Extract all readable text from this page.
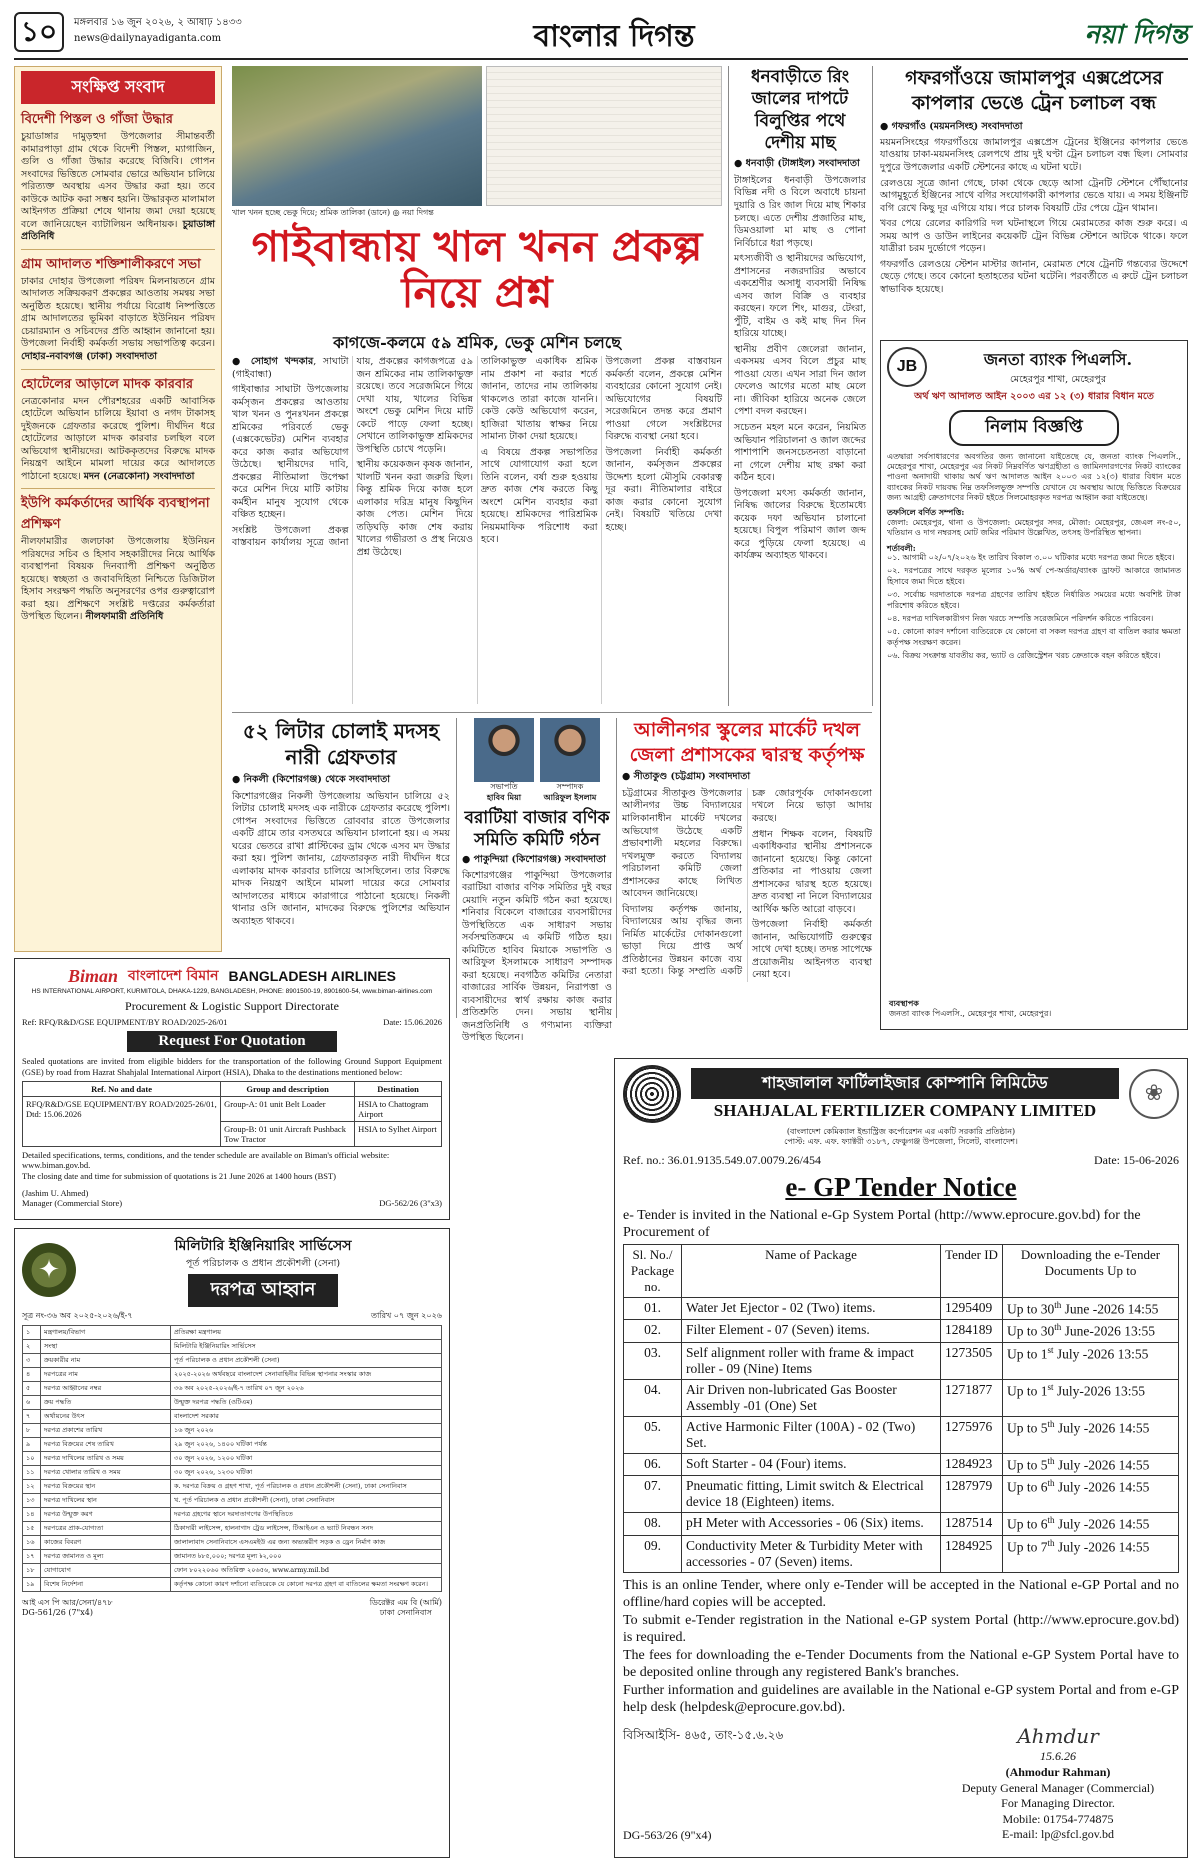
১০	মঙ্গলবার ১৬ জুন ২০২৬, ২ আষাঢ় ১৪৩৩
news@dailynayadiganta.com	বাংলার দিগন্ত	নয়া দিগন্ত
সংক্ষিপ্ত সংবাদ
বিদেশী পিস্তল ও গাঁজা উদ্ধার
চুয়াডাঙ্গার দামুড়হুদা উপজেলার সীমান্তবর্তী কামারপাড়া গ্রাম থেকে বিদেশী পিস্তল, ম্যাগাজিন, গুলি ও গাঁজা উদ্ধার করেছে বিজিবি। গোপন সংবাদের ভিত্তিতে সোমবার ভোরে অভিযান চালিয়ে পরিত্যক্ত অবস্থায় এসব উদ্ধার করা হয়। তবে কাউকে আটক করা সম্ভব হয়নি। উদ্ধারকৃত মালামাল আইনগত প্রক্রিয়া শেষে থানায় জমা দেয়া হয়েছে বলে জানিয়েছেন ব্যাটালিয়ন অধিনায়ক। চুয়াডাঙ্গা প্রতিনিধি
গ্রাম আদালত শক্তিশালীকরণে সভা
ঢাকার দোহার উপজেলা পরিষদ মিলনায়তনে গ্রাম আদালত সক্রিয়করণ প্রকল্পের আওতায় সমন্বয় সভা অনুষ্ঠিত হয়েছে। স্থানীয় পর্যায়ে বিরোধ নিষ্পত্তিতে গ্রাম আদালতের ভূমিকা বাড়াতে ইউনিয়ন পরিষদ চেয়ারম্যান ও সচিবদের প্রতি আহ্বান জানানো হয়। উপজেলা নির্বাহী কর্মকর্তা সভায় সভাপতিত্ব করেন। দোহার-নবাবগঞ্জ (ঢাকা) সংবাদদাতা
হোটেলের আড়ালে মাদক কারবার
নেত্রকোনার মদন পৌরশহরের একটি আবাসিক হোটেলে অভিযান চালিয়ে ইয়াবা ও নগদ টাকাসহ দুইজনকে গ্রেফতার করেছে পুলিশ। দীর্ঘদিন ধরে হোটেলের আড়ালে মাদক কারবার চলছিল বলে অভিযোগ স্থানীয়দের। আটককৃতদের বিরুদ্ধে মাদক নিয়ন্ত্রণ আইনে মামলা দায়ের করে আদালতে পাঠানো হয়েছে। মদন (নেত্রকোনা) সংবাদদাতা
ইউপি কর্মকর্তাদের আর্থিক ব্যবস্থাপনা প্রশিক্ষণ
নীলফামারীর জলঢাকা উপজেলায় ইউনিয়ন পরিষদের সচিব ও হিসাব সহকারীদের নিয়ে আর্থিক ব্যবস্থাপনা বিষয়ক দিনব্যাপী প্রশিক্ষণ অনুষ্ঠিত হয়েছে। স্বচ্ছতা ও জবাবদিহিতা নিশ্চিতে ডিজিটাল হিসাব সংরক্ষণ পদ্ধতি অনুসরণের ওপর গুরুত্বারোপ করা হয়। প্রশিক্ষণে সংশ্লিষ্ট দপ্তরের কর্মকর্তারা উপস্থিত ছিলেন। নীলফামারী প্রতিনিধি
খাল খনন হচ্ছে ভেকু দিয়ে; শ্রমিক তালিকা (ডানে) ◎ নয়া দিগন্ত
গাইবান্ধায় খাল খনন প্রকল্প নিয়ে প্রশ্ন
কাগজে-কলমে ৫৯ শ্রমিক, ভেকু মেশিন চলছে

● সোহাগ খন্দকার, সাঘাটা (গাইবান্ধা)

গাইবান্ধার সাঘাটা উপজেলায় কর্মসৃজন প্রকল্পের আওতায় খাল খনন ও পুনঃখনন প্রকল্পে শ্রমিকের পরিবর্তে ভেকু (এক্সকেভেটর) মেশিন ব্যবহার করে কাজ করার অভিযোগ উঠেছে। স্থানীয়দের দাবি, প্রকল্পের নীতিমালা উপেক্ষা করে মেশিন দিয়ে মাটি কাটায় কর্মহীন মানুষ সুযোগ থেকে বঞ্চিত হচ্ছেন।

সংশ্লিষ্ট উপজেলা প্রকল্প বাস্তবায়ন কার্যালয় সূত্রে জানা যায়, প্রকল্পের কাগজপত্রে ৫৯ জন শ্রমিকের নাম তালিকাভুক্ত রয়েছে। তবে সরেজমিনে গিয়ে দেখা যায়, খালের বিভিন্ন অংশে ভেকু মেশিন দিয়ে মাটি কেটে পাড়ে ফেলা হচ্ছে। সেখানে তালিকাভুক্ত শ্রমিকদের উপস্থিতি চোখে পড়েনি।

স্থানীয় কয়েকজন কৃষক জানান, খালটি খনন করা জরুরি ছিল। কিন্তু শ্রমিক দিয়ে কাজ হলে এলাকার দরিদ্র মানুষ কিছুদিন কাজ পেত। মেশিন দিয়ে তড়িঘড়ি কাজ শেষ করায় খালের গভীরতা ও প্রস্থ নিয়েও প্রশ্ন উঠেছে।

তালিকাভুক্ত একাধিক শ্রমিক নাম প্রকাশ না করার শর্তে জানান, তাদের নাম তালিকায় থাকলেও তারা কাজে যাননি। কেউ কেউ অভিযোগ করেন, হাজিরা খাতায় স্বাক্ষর নিয়ে সামান্য টাকা দেয়া হয়েছে।

এ বিষয়ে প্রকল্প সভাপতির সাথে যোগাযোগ করা হলে তিনি বলেন, বর্ষা শুরু হওয়ায় দ্রুত কাজ শেষ করতে কিছু অংশে মেশিন ব্যবহার করা হয়েছে। শ্রমিকদের পারিশ্রমিক নিয়মমাফিক পরিশোধ করা হবে।

উপজেলা প্রকল্প বাস্তবায়ন কর্মকর্তা বলেন, প্রকল্পে মেশিন ব্যবহারের কোনো সুযোগ নেই। অভিযোগের বিষয়টি সরেজমিনে তদন্ত করে প্রমাণ পাওয়া গেলে সংশ্লিষ্টদের বিরুদ্ধে ব্যবস্থা নেয়া হবে।

উপজেলা নির্বাহী কর্মকর্তা জানান, কর্মসৃজন প্রকল্পের উদ্দেশ্য হলো মৌসুমি বেকারত্ব দূর করা। নীতিমালার বাইরে কাজ করার কোনো সুযোগ নেই। বিষয়টি খতিয়ে দেখা হচ্ছে।

ধনবাড়ীতে রিং জালের দাপটে বিলুপ্তির পথে দেশীয় মাছ
● ধনবাড়ী (টাঙ্গাইল) সংবাদদাতা

টাঙ্গাইলের ধনবাড়ী উপজেলার বিভিন্ন নদী ও বিলে অবাধে চায়না দুয়ারি ও রিং জাল দিয়ে মাছ শিকার চলছে। এতে দেশীয় প্রজাতির মাছ, ডিমওয়ালা মা মাছ ও পোনা নির্বিচারে ধরা পড়ছে।

মৎস্যজীবী ও স্থানীয়দের অভিযোগ, প্রশাসনের নজরদারির অভাবে একশ্রেণীর অসাধু ব্যবসায়ী নিষিদ্ধ এসব জাল বিক্রি ও ব্যবহার করছেন। ফলে শিং, মাগুর, টেংরা, পুঁটি, বাইম ও কই মাছ দিন দিন হারিয়ে যাচ্ছে।

স্থানীয় প্রবীণ জেলেরা জানান, একসময় এসব বিলে প্রচুর মাছ পাওয়া যেত। এখন সারা দিন জাল ফেলেও আগের মতো মাছ মেলে না। জীবিকা হারিয়ে অনেক জেলে পেশা বদল করছেন।

সচেতন মহল মনে করেন, নিয়মিত অভিযান পরিচালনা ও জাল জব্দের পাশাপাশি জনসচেতনতা বাড়ানো না গেলে দেশীয় মাছ রক্ষা করা কঠিন হবে।

উপজেলা মৎস্য কর্মকর্তা জানান, নিষিদ্ধ জালের বিরুদ্ধে ইতোমধ্যে কয়েক দফা অভিযান চালানো হয়েছে। বিপুল পরিমাণ জাল জব্দ করে পুড়িয়ে ফেলা হয়েছে। এ কার্যক্রম অব্যাহত থাকবে।

গফরগাঁওয়ে জামালপুর এক্সপ্রেসের কাপলার ভেঙে ট্রেন চলাচল বন্ধ

● গফরগাঁও (ময়মনসিংহ) সংবাদদাতা

ময়মনসিংহের গফরগাঁওয়ে জামালপুর এক্সপ্রেস ট্রেনের ইঞ্জিনের কাপলার ভেঙে যাওয়ায় ঢাকা-ময়মনসিংহ রেলপথে প্রায় দুই ঘণ্টা ট্রেন চলাচল বন্ধ ছিল। সোমবার দুপুরে উপজেলার একটি স্টেশনের কাছে এ ঘটনা ঘটে।

রেলওয়ে সূত্রে জানা গেছে, ঢাকা থেকে ছেড়ে আসা ট্রেনটি স্টেশনে পৌঁছানোর আগমুহূর্তে ইঞ্জিনের সাথে বগির সংযোগকারী কাপলার ভেঙে যায়। এ সময় ইঞ্জিনটি বগি রেখে কিছু দূর এগিয়ে যায়। পরে চালক বিষয়টি টের পেয়ে ট্রেন থামান।

খবর পেয়ে রেলের কারিগরি দল ঘটনাস্থলে গিয়ে মেরামতের কাজ শুরু করে। এ সময় আপ ও ডাউন লাইনের কয়েকটি ট্রেন বিভিন্ন স্টেশনে আটকে থাকে। ফলে যাত্রীরা চরম দুর্ভোগে পড়েন।

গফরগাঁও রেলওয়ে স্টেশন মাস্টার জানান, মেরামত শেষে ট্রেনটি গন্তব্যের উদ্দেশে ছেড়ে গেছে। তবে কোনো হতাহতের ঘটনা ঘটেনি। পরবর্তীতে এ রুটে ট্রেন চলাচল স্বাভাবিক হয়েছে।

JB	জনতা ব্যাংক পিএলসি.
মেহেরপুর শাখা, মেহেরপুর
অর্থ ঋণ আদালত আইন ২০০৩ এর ১২ (৩) ধারার বিধান মতে
নিলাম বিজ্ঞপ্তি

এতদ্বারা সর্বসাধারণের অবগতির জন্য জানানো যাইতেছে যে, জনতা ব্যাংক পিএলসি., মেহেরপুর শাখা, মেহেরপুর এর নিকট নিম্নবর্ণিত ঋণগ্রহীতা ও জামিনদারগণের নিকট ব্যাংকের পাওনা অনাদায়ী থাকায় অর্থ ঋণ আদালত আইন ২০০৩ এর ১২(৩) ধারার বিধান মতে ব্যাংকের নিকট দায়বদ্ধ নিম্ন তফসিলভুক্ত সম্পত্তি যেখানে যে অবস্থায় আছে ভিত্তিতে বিক্রয়ের জন্য আগ্রহী ক্রেতাগণের নিকট হইতে সিলমোহরকৃত দরপত্র আহ্বান করা যাইতেছে।

তফসিলে বর্ণিত সম্পত্তি:

জেলা: মেহেরপুর, থানা ও উপজেলা: মেহেরপুর সদর, মৌজা: মেহেরপুর, জেএল নং-৫০, খতিয়ান ও দাগ নম্বরসহ মোট জমির পরিমাণ উল্লেখিত, তৎসহ উপরিস্থিত স্থাপনা।

শর্তাবলী:

০১. আগামী ০২/০৭/২০২৬ ইং তারিখ বিকাল ৩.০০ ঘটিকার মধ্যে দরপত্র জমা দিতে হইবে।

০২. দরপত্রের সাথে দরকৃত মূল্যের ১০% অর্থ পে-অর্ডার/ব্যাংক ড্রাফট আকারে জামানত হিসাবে জমা দিতে হইবে।

০৩. সর্বোচ্চ দরদাতাকে দরপত্র গ্রহণের তারিখ হইতে নির্ধারিত সময়ের মধ্যে অবশিষ্ট টাকা পরিশোধ করিতে হইবে।

০৪. দরপত্র দাখিলকারীগণ নিজ খরচে সম্পত্তি সরেজমিনে পরিদর্শন করিতে পারিবেন।

০৫. কোনো কারণ দর্শানো ব্যতিরেকে যে কোনো বা সকল দরপত্র গ্রহণ বা বাতিল করার ক্ষমতা কর্তৃপক্ষ সংরক্ষণ করেন।

০৬. বিক্রয় সংক্রান্ত যাবতীয় কর, ভ্যাট ও রেজিস্ট্রেশন খরচ ক্রেতাকে বহন করিতে হইবে।

ব্যবস্থাপক
জনতা ব্যাংক পিএলসি., মেহেরপুর শাখা, মেহেরপুর।
৫২ লিটার চোলাই মদসহ নারী গ্রেফতার
● নিকলী (কিশোরগঞ্জ) থেকে সংবাদদাতা

কিশোরগঞ্জের নিকলী উপজেলায় অভিযান চালিয়ে ৫২ লিটার চোলাই মদসহ এক নারীকে গ্রেফতার করেছে পুলিশ। গোপন সংবাদের ভিত্তিতে রোববার রাতে উপজেলার একটি গ্রামে তার বসতঘরে অভিযান চালানো হয়। এ সময় ঘরের ভেতরে রাখা প্লাস্টিকের ড্রাম থেকে এসব মদ উদ্ধার করা হয়। পুলিশ জানায়, গ্রেফতারকৃত নারী দীর্ঘদিন ধরে এলাকায় মাদক কারবার চালিয়ে আসছিলেন। তার বিরুদ্ধে মাদক নিয়ন্ত্রণ আইনে মামলা দায়ের করে সোমবার আদালতের মাধ্যমে কারাগারে পাঠানো হয়েছে। নিকলী থানার ওসি জানান, মাদকের বিরুদ্ধে পুলিশের অভিযান অব্যাহত থাকবে।

সভাপতি
হাবিব মিয়া
সম্পাদক
আরিফুল ইসলাম
বরাটিয়া বাজার বণিক সমিতি কমিটি গঠন
● পাকুন্দিয়া (কিশোরগঞ্জ) সংবাদদাতা

কিশোরগঞ্জের পাকুন্দিয়া উপজেলার বরাটিয়া বাজার বণিক সমিতির দুই বছর মেয়াদি নতুন কমিটি গঠন করা হয়েছে। শনিবার বিকেলে বাজারের ব্যবসায়ীদের উপস্থিতিতে এক সাধারণ সভায় সর্বসম্মতিক্রমে এ কমিটি গঠিত হয়। কমিটিতে হাবিব মিয়াকে সভাপতি ও আরিফুল ইসলামকে সাধারণ সম্পাদক করা হয়েছে। নবগঠিত কমিটির নেতারা বাজারের সার্বিক উন্নয়ন, নিরাপত্তা ও ব্যবসায়ীদের স্বার্থ রক্ষায় কাজ করার প্রতিশ্রুতি দেন। সভায় স্থানীয় জনপ্রতিনিধি ও গণ্যমান্য ব্যক্তিরা উপস্থিত ছিলেন।

আলীনগর স্কুলের মার্কেট দখল জেলা প্রশাসকের দ্বারস্থ কর্তৃপক্ষ
● সীতাকুণ্ড (চট্টগ্রাম) সংবাদদাতা

চট্টগ্রামের সীতাকুণ্ড উপজেলার আলীনগর উচ্চ বিদ্যালয়ের মালিকানাধীন মার্কেট দখলের অভিযোগ উঠেছে একটি প্রভাবশালী মহলের বিরুদ্ধে। দখলমুক্ত করতে বিদ্যালয় পরিচালনা কমিটি জেলা প্রশাসকের কাছে লিখিত আবেদন জানিয়েছে।

বিদ্যালয় কর্তৃপক্ষ জানায়, বিদ্যালয়ের আয় বৃদ্ধির জন্য নির্মিত মার্কেটের দোকানগুলো ভাড়া দিয়ে প্রাপ্ত অর্থ প্রতিষ্ঠানের উন্নয়ন কাজে ব্যয় করা হতো। কিন্তু সম্প্রতি একটি চক্র জোরপূর্বক দোকানগুলো দখলে নিয়ে ভাড়া আদায় করছে।

প্রধান শিক্ষক বলেন, বিষয়টি একাধিকবার স্থানীয় প্রশাসনকে জানানো হয়েছে। কিন্তু কোনো প্রতিকার না পাওয়ায় জেলা প্রশাসকের দ্বারস্থ হতে হয়েছে। দ্রুত ব্যবস্থা না নিলে বিদ্যালয়ের আর্থিক ক্ষতি আরো বাড়বে।

উপজেলা নির্বাহী কর্মকর্তা জানান, অভিযোগটি গুরুত্বের সাথে দেখা হচ্ছে। তদন্ত সাপেক্ষে প্রয়োজনীয় আইনগত ব্যবস্থা নেয়া হবে।

Biman বাংলাদেশ বিমান BANGLADESH AIRLINES
HS INTERNATIONAL AIRPORT, KURMITOLA, DHAKA-1229, BANGLADESH, PHONE: 8901500-19, 8901600-54, www.biman-airlines.com
Procurement & Logistic Support Directorate
Ref: RFQ/R&D/GSE EQUIPMENT/BY ROAD/2025-26/01	Date: 15.06.2026
Request For Quotation

Sealed quotations are invited from eligible bidders for the transportation of the following Ground Support Equipment (GSE) by road from Hazrat Shahjalal International Airport (HSIA), Dhaka to the destinations mentioned below:

Ref. No and date	Group and description	Destination
RFQ/R&D/GSE EQUIPMENT/BY ROAD/2025-26/01, Dtd: 15.06.2026	Group-A: 01 unit Belt Loader	HSIA to Chattogram Airport
	Group-B: 01 unit Aircraft Pushback Tow Tractor	HSIA to Sylhet Airport

Detailed specifications, terms, conditions, and the tender schedule are available on Biman's official website: www.biman.gov.bd.

The closing date and time for submission of quotations is 21 June 2026 at 1400 hours (BST)

(Jashim U. Ahmed)
Manager (Commercial Store)	DG-562/26 (3"x3)
✦
মিলিটারি ইঞ্জিনিয়ারিং সার্ভিসেস
পূর্ত পরিচালক ও প্রধান প্রকৌশলী (সেনা)
দরপত্র আহ্বান
সূত্র নং-৩৬ অব ২০২৫-২০২৬/ই-৭	তারিখ ০৭ জুন ২০২৬
১	মন্ত্রণালয়/বিভাগ	প্রতিরক্ষা মন্ত্রণালয়
২	সংস্থা	মিলিটারি ইঞ্জিনিয়ারিং সার্ভিসেস
৩	ক্রয়কারীর নাম	পূর্ত পরিচালক ও প্রধান প্রকৌশলী (সেনা)
৪	দরপত্রের নাম	২০২৫-২০২৬ অর্থবছরে বাংলাদেশ সেনাবাহিনীর বিভিন্ন স্থাপনার সংস্কার কাজ
৫	দরপত্র আহ্বানের নম্বর	৩৬ অব ২০২৫-২০২৬/ই-৭ তারিখ ০৭ জুন ২০২৬
৬	ক্রয় পদ্ধতি	উন্মুক্ত দরপত্র পদ্ধতি (ওটিএম)
৭	অর্থায়নের উৎস	বাংলাদেশ সরকার
৮	দরপত্র প্রকাশের তারিখ	১৬ জুন ২০২৬
৯	দরপত্র বিক্রয়ের শেষ তারিখ	২৯ জুন ২০২৬, ১৪০০ ঘটিকা পর্যন্ত
১০	দরপত্র দাখিলের তারিখ ও সময়	৩০ জুন ২০২৬, ১২০০ ঘটিকা
১১	দরপত্র খোলার তারিখ ও সময়	৩০ জুন ২০২৬, ১২৩০ ঘটিকা
১২	দরপত্র বিক্রয়ের স্থান	ক. দরপত্র বিক্রয় ও গ্রহণ শাখা, পূর্ত পরিচালক ও প্রধান প্রকৌশলী (সেনা), ঢাকা সেনানিবাস
১৩	দরপত্র দাখিলের স্থান	খ. পূর্ত পরিচালক ও প্রধান প্রকৌশলী (সেনা), ঢাকা সেনানিবাস
১৪	দরপত্র উন্মুক্ত করণ	দরপত্র গ্রহণের স্থানে দরদাতাগণের উপস্থিতিতে
১৫	দরপত্রের প্রাক-যোগ্যতা	ঠিকাদারী লাইসেন্স, হালনাগাদ ট্রেড লাইসেন্স, টিআইএন ও ভ্যাট নিবন্ধন সনদ
১৬	কাজের বিবরণ	জালালাবাদ সেনানিবাসে এসএমইউ এর জন্য অভ্যন্তরীণ সড়ক ও ড্রেন নির্মাণ কাজ
১৭	দরপত্র জামানত ও মূল্য	জামানত ৳৮৫,০০০; দরপত্র মূল্য ৳২,০০০
১৮	যোগাযোগ	ফোন ৮০২২০৬০ অতিরিক্ত ২০৬৫৬, www.army.mil.bd
১৯	বিশেষ নির্দেশনা	কর্তৃপক্ষ কোনো কারণ দর্শানো ব্যতিরেকে যে কোনো দরপত্র গ্রহণ বা বাতিলের ক্ষমতা সংরক্ষণ করেন।
আই এস পি আর/সেনা/৪৭৮
DG-561/26 (7"x4)
ডিরেক্টর এম বি (আর্মি)
ঢাকা সেনানিবাস
শাহজালাল ফার্টিলাইজার কোম্পানি লিমিটেড
SHAHJALAL FERTILIZER COMPANY LIMITED
❀
(বাংলাদেশ কেমিক্যাল ইন্ডাস্ট্রিজ কর্পোরেশন এর একটি সরকারি প্রতিষ্ঠান)
পোস্ট: এফ. এফ. ফ্যাক্টরী ৩১৮৭, ফেঞ্চুগঞ্জ উপজেলা, সিলেট, বাংলাদেশ।
Ref. no.: 36.01.9135.549.07.0079.26/454	Date: 15-06-2026
e- GP Tender Notice

e- Tender is invited in the National e-Gp System Portal (http://www.eprocure.gov.bd) for the Procurement of

Sl. No./ Package no.	Name of Package	Tender ID	Downloading the e-Tender Documents Up to
01.	Water Jet Ejector - 02 (Two) items.	1295409	Up to 30th June -2026 14:55
02.	Filter Element - 07 (Seven) items.	1284189	Up to 30th June-2026 13:55
03.	Self alignment roller with frame & impact roller - 09 (Nine) Items	1273505	Up to 1st July -2026 13:55
04.	Air Driven non-lubricated Gas Booster Assembly -01 (One) Set	1271877	Up to 1st July-2026 13:55
05.	Active Harmonic Filter (100A) - 02 (Two) Set.	1275976	Up to 5th July -2026 14:55
06.	Soft Starter - 04 (Four) items.	1284923	Up to 5th July -2026 14:55
07.	Pneumatic fitting, Limit switch & Electrical device 18 (Eighteen) items.	1287979	Up to 6th July -2026 14:55
08.	pH Meter with Accessories - 06 (Six) items.	1287514	Up to 6th July -2026 14:55
09.	Conductivity Meter & Turbidity Meter with accessories - 07 (Seven) items.	1284925	Up to 7th July -2026 14:55

This is an online Tender, where only e-Tender will be accepted in the National e-GP Portal and no offline/hard copies will be accepted.

To submit e-Tender registration in the National e-GP system Portal (http://www.eprocure.gov.bd) is required.

The fees for downloading the e-Tender Documents from the National e-GP System Portal have to be deposited online through any registered Bank's branches.

Further information and guidelines are available in the National e-GP system Portal and from e-GP help desk (helpdesk@eprocure.gov.bd).

বিসিআইসি- ৪৬৫, তাং-১৫.৬.২৬	Ahmdur
15.6.26
(Ahmodur Rahman)
Deputy General Manager (Commercial)
For Managing Director.
Mobile: 01754-774875
E-mail: lp@sfcl.gov.bd
DG-563/26 (9"x4)
